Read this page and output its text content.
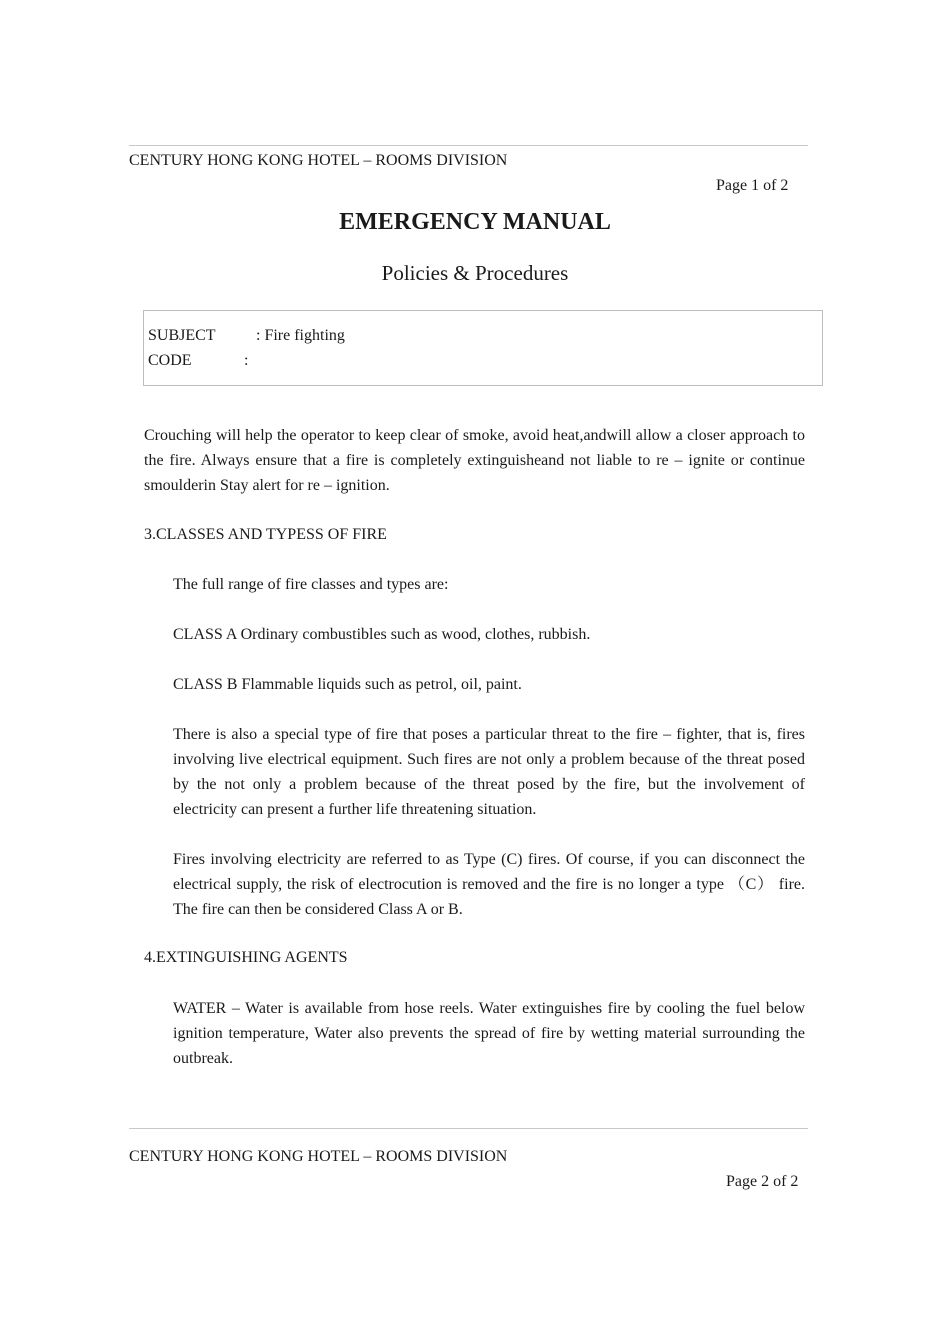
CENTURY HONG KONG HOTEL – ROOMS DIVISION
Page 1 of 2
EMERGENCY MANUAL
Policies & Procedures
SUBJECT	: Fire fighting
CODE	:
Crouching will help the operator to keep clear of smoke, avoid heat,andwill allow a closer approach to the fire. Always ensure that a fire is completely extinguisheand not liable to re – ignite or continue smoulderin Stay alert for re – ignition.
3.CLASSES AND TYPESS OF FIRE
The full range of fire classes and types are:
CLASS A Ordinary combustibles such as wood, clothes, rubbish.
CLASS B Flammable liquids such as petrol, oil, paint.
There is also a special type of fire that poses a particular threat to the fire – fighter, that is, fires involving live electrical equipment. Such fires are not only a problem because of the threat posed by the not only a problem because of the threat posed by the fire, but the involvement of electricity can present a further life threatening situation.
Fires involving electricity are referred to as Type (C) fires. Of course, if you can disconnect the electrical supply, the risk of electrocution is removed and the fire is no longer a type （C） fire. The fire can then be considered Class A or B.
4.EXTINGUISHING AGENTS
WATER – Water is available from hose reels. Water extinguishes fire by cooling the fuel below ignition temperature, Water also prevents the spread of fire by wetting material surrounding the outbreak.
CENTURY HONG KONG HOTEL – ROOMS DIVISION
Page 2 of 2
